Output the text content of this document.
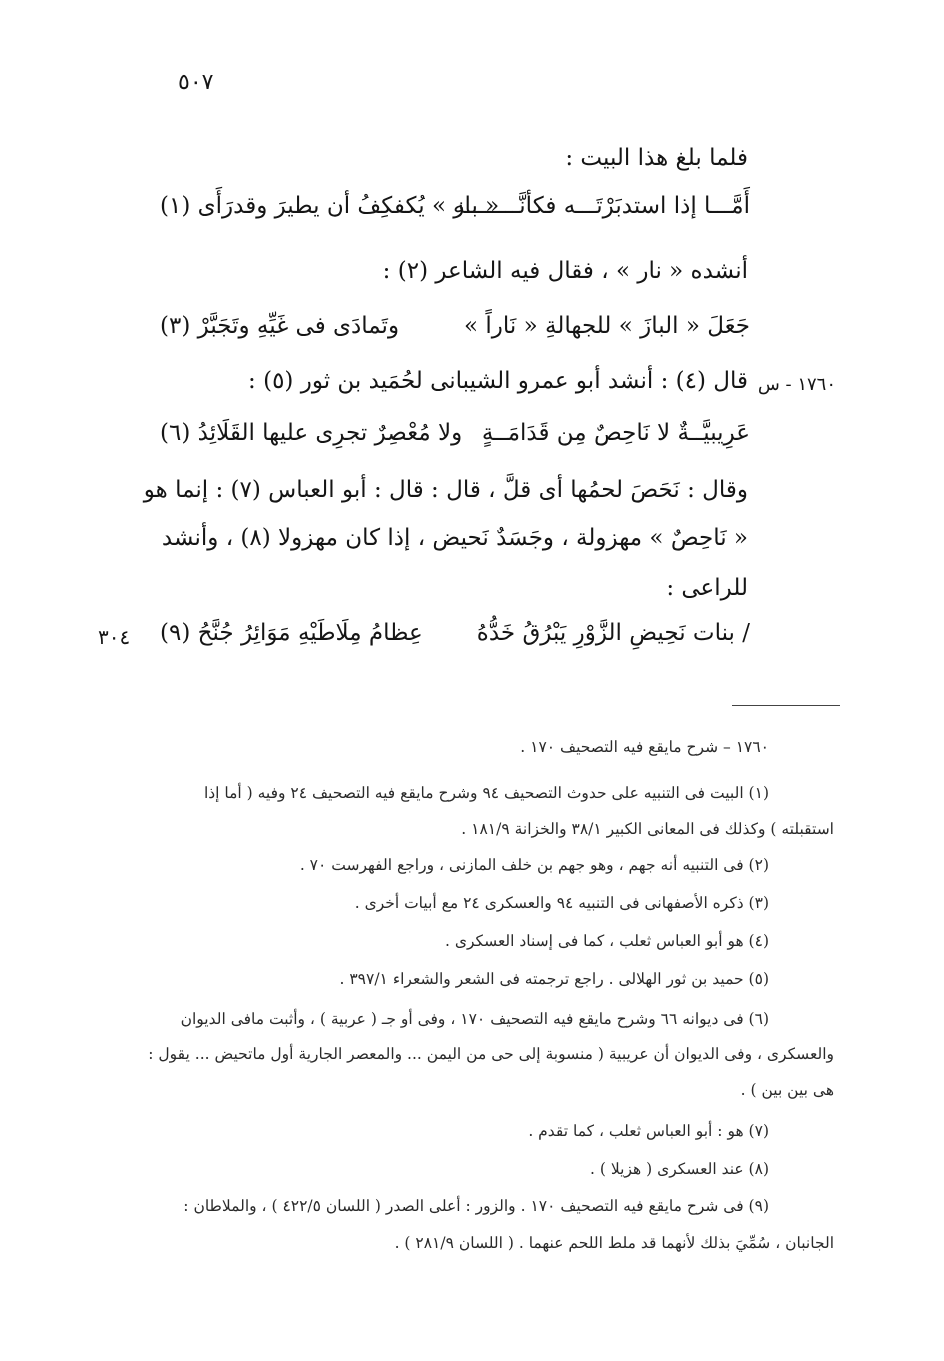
٥٠٧
فلما بلغ هذا البيت :
أَمَّـــا إذا استدبَرْتَـــه فكأنَّــــــــه
« باز » يُكفكِفُ أن يطيرَ وقدرَأَى (١)
أنشده « نار » ، فقال فيه الشاعر (٢) :
جَعَلَ « البازَ » للجهالةِ « نَاراً »
وتَمادَى فى غَيِّهِ وتَجَبَّرْ (٣)
١٧٦٠ - س
قال (٤) : أنشد أبو عمرو الشيبانى لحُمَيد بن ثور (٥) :
عَرِيبيَّــةٌ لا نَاحِصٌ مِن قَدَامَــةٍ
ولا مُعْصِرٌ تجرِى عليها القَلَائِدُ (٦)
وقال : نَحَصَ لحمُها أى قلَّ ، قال : قال : أبو العباس (٧) : إنما هو
« نَاحِصٌ » مهزولة ، وجَسَدٌ نَحيض ، إذا كان مهزولا (٨) ، وأنشد
للراعى :
٣٠٤	/ بنات نَحِيضِ الزَّوْرِ يَبْرُقُ خَدُّهُ
عِظامُ مِلَاطَيْهِ مَوَائِرُ جُنَّحُ (٩)
١٧٦٠ – شرح مايقع فيه التصحيف ١٧٠ .
(١) البيت فى التنبيه على حدوث التصحيف ٩٤ وشرح مايقع فيه التصحيف ٢٤ وفيه ( أما إذا
استقبلته ) وكذلك فى المعانى الكبير ٣٨/١ والخزانة ١٨١/٩ .
(٢) فى التنبيه أنه جهم ، وهو جهم بن خلف المازنى ، وراجع الفهرست ٧٠ .
(٣) ذكره الأصفهانى فى التنبيه ٩٤ والعسكرى ٢٤ مع أبيات أخرى .
(٤) هو أبو العباس ثعلب ، كما فى إسناد العسكرى .
(٥) حميد بن ثور الهلالى . راجع ترجمته فى الشعر والشعراء ٣٩٧/١ .
(٦) فى ديوانه ٦٦ وشرح مايقع فيه التصحيف ١٧٠ ، وفى أو جـ ( عربية ) ، وأثبت مافى الديوان
والعسكرى ، وفى الديوان أن عريبية ( منسوبة إلى حى من اليمن ... والمعصر الجارية أول ماتحيض ... يقول :
هى بين بين ) .
(٧) هو : أبو العباس ثعلب ، كما تقدم .
(٨) عند العسكرى ( هزيلا ) .
(٩) فى شرح مايقع فيه التصحيف ١٧٠ . والزور : أعلى الصدر ( اللسان ٤٢٢/٥ ) ، والملاطان :
الجانبان ، سُمِّيَ بذلك لأنهما قد ملط اللحم عنهما . ( اللسان ٢٨١/٩ ) .
